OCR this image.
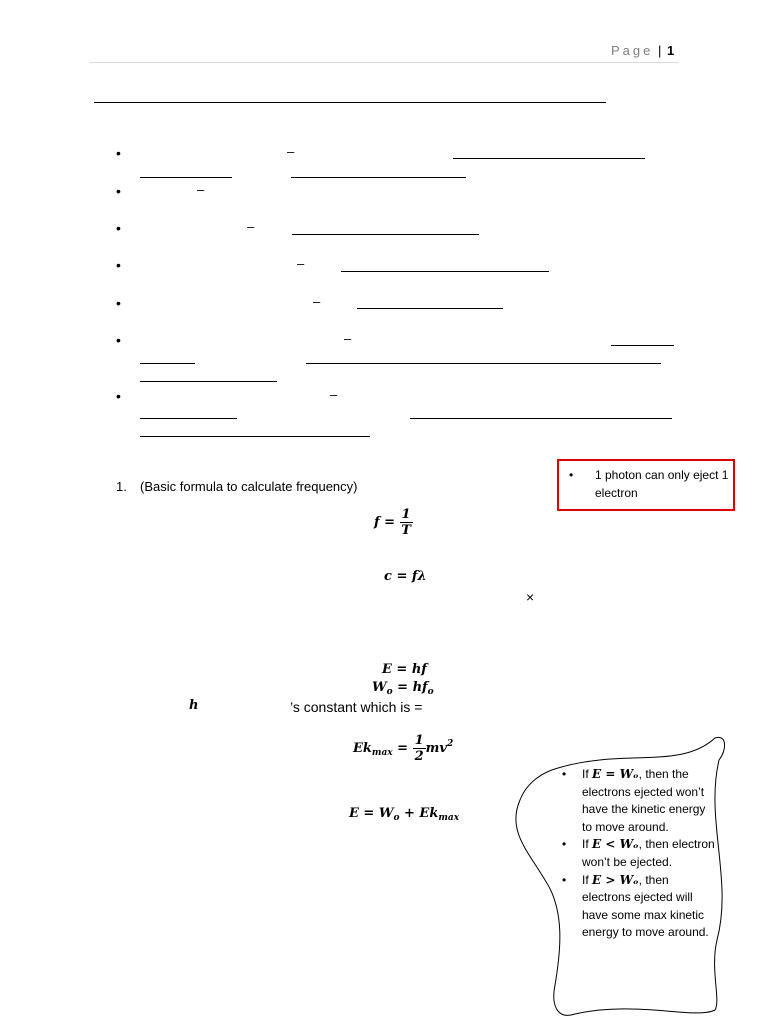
Page | 1
•	–
•	–
•	–
•	–
•	–
•	–
•	–
1. (Basic formula to calculate frequency)
$f = \frac{1}{T}$
c = fλ
×
E = hf
$W_o = hf_o$
h	’s constant which is =
$Ek_{max} = \frac{1}{2} mv^2$
$E = W_o + Ek_{max}$
• 1 photon can only eject 1 electron
• If E = Wₒ, then the electrons ejected won’t have the kinetic energy to move around.
• If E < Wₒ, then electron won’t be ejected.
• If E > Wₒ, then electrons ejected will have some max kinetic energy to move around.
